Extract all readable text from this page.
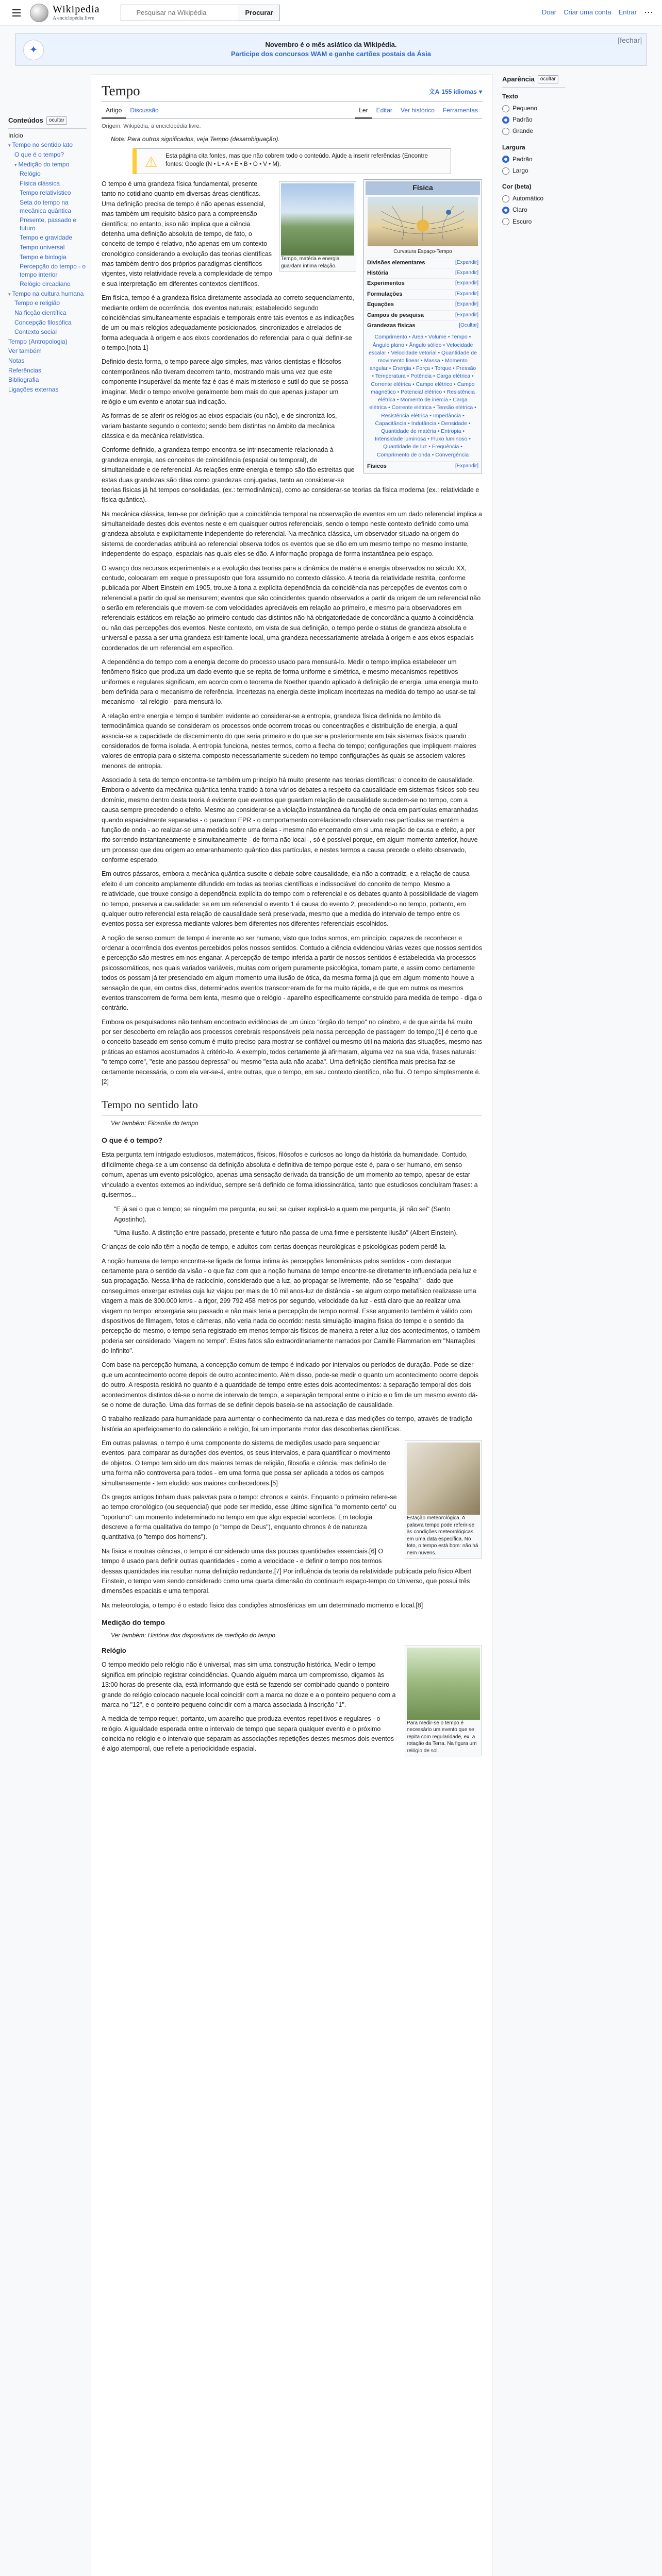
Wikipedia
A enciclopédia livre
Pesquisar na Wikipédia
Procurar	Doar Criar uma conta Entrar ⋯
✦	Novembro é o mês asiático da Wikipédia.
Participe dos concursos WAM e ganhe cartões postais da Ásia
[fechar]
Conteúdos	ocultar
Início
▾ Tempo no sentido lato
O que é o tempo?
▾ Medição do tempo
Relógio
Física clássica
Tempo relativístico
Seta do tempo na mecânica quântica
Presente, passado e futuro
Tempo e gravidade
Tempo universal
Tempo e biologia
Percepção do tempo - o tempo interior
Relógio circadiano
▾ Tempo na cultura humana
Tempo e religião
Na ficção científica
Concepção filosófica
Contexto social
Tempo (Antropologia)
Ver também
Notas
Referências
Bibliografia
Ligações externas
Tempo	文A 155 idiomas ▾
Artigo	Discussão	Ler	Editar	Ver histórico	Ferramentas
Origem: Wikipédia, a enciclopédia livre.
Nota: Para outros significados, veja Tempo (desambiguação).
⚠	Esta página cita fontes, mas que não cobrem todo o conteúdo. Ajude a inserir referências (Encontre fontes: Google (N • L • A • E • B • O • V • M).
Física
Curvatura Espaço-Tempo
Divisões elementares	[Expandir]
História	[Expandir]
Experimentos	[Expandir]
Formulações	[Expandir]
Equações	[Expandir]
Campos de pesquisa	[Expandir]
Grandezas físicas	[Ocultar]
Comprimento • Área • Volume • Tempo • Ângulo plano • Ângulo sólido • Velocidade escalar • Velocidade vetorial • Quantidade de movimento linear • Massa • Momento angular • Energia • Força • Torque • Pressão • Temperatura • Potência • Carga elétrica • Corrente elétrica • Campo elétrico • Campo magnético • Potencial elétrico • Resistência elétrica • Momento de inércia • Carga elétrica • Corrente elétrica • Tensão elétrica • Resistência elétrica • Impedância • Capacitância • Indutância • Densidade • Quantidade de matéria • Entropia • Intensidade luminosa • Fluxo luminoso • Quantidade de luz • Frequência • Comprimento de onda • Convergência
Físicos	[Expandir]
Tempo, matéria e energia guardam íntima relação.

O tempo é uma grandeza física fundamental, presente tanto no cotidiano quanto em diversas áreas científicas. Uma definição precisa de tempo é não apenas essencial, mas também um requisito básico para a compreensão científica; no entanto, isso não implica que a ciência detenha uma definição absoluta de tempo, de fato, o conceito de tempo é relativo, não apenas em um contexto cronológico considerando a evolução das teorias científicas mas também dentro dos próprios paradigmas científicos vigentes, visto relatividade revela a complexidade de tempo e sua interpretação em diferentes contextos científicos.

Em física, tempo é a grandeza física diretamente associada ao correto sequenciamento, mediante ordem de ocorrência, dos eventos naturais; estabelecido segundo coincidências simultaneamente espaciais e temporais entre tais eventos e as indicações de um ou mais relógios adequadamente posicionados, sincronizados e atrelados de forma adequada à origem e aos eixos coordenados do referencial para o qual definir-se o tempo.[nota 1]

Definido desta forma, o tempo parece algo simples, mas vários cientistas e filósofos contemporâneos não tiveram decorrem tanto, mostrando mais uma vez que este componente insuperável da mente faz é das é mais misterioso e sutil do que se possa imaginar. Medir o tempo envolve geralmente bem mais do que apenas justapor um relógio e um evento e anotar sua indicação.

As formas de se aferir os relógios ao eixos espaciais (ou não), e de sincronizá-los, variam bastante segundo o contexto; sendo bem distintas no âmbito da mecânica clássica e da mecânica relativística.

Conforme definido, a grandeza tempo encontra-se intrinsecamente relacionada à grandeza energia, aos conceitos de coincidência (espacial ou temporal), de simultaneidade e de referencial. As relações entre energia e tempo são tão estreitas que estas duas grandezas são ditas como grandezas conjugadas, tanto ao considerar-se teorias físicas já há tempos consolidadas, (ex.: termodinâmica), como ao considerar-se teorias da física moderna (ex.: relatividade e física quântica).

Na mecânica clássica, tem-se por definição que a coincidência temporal na observação de eventos em um dado referencial implica a simultaneidade destes dois eventos neste e em quaisquer outros referenciais, sendo o tempo neste contexto definido como uma grandeza absoluta e explicitamente independente do referencial. Na mecânica clássica, um observador situado na origem do sistema de coordenadas atribuirá ao referencial observa todos os eventos que se dão em um mesmo tempo no mesmo instante, independente do espaço, espaciais nas quais eles se dão. A informação propaga de forma instantânea pelo espaço.

O avanço dos recursos experimentais e a evolução das teorias para a dinâmica de matéria e energia observados no século XX, contudo, colocaram em xeque o pressuposto que fora assumido no contexto clássico. A teoria da relatividade restrita, conforme publicada por Albert Einstein em 1905, trouxe à tona a explícita dependência da coincidência nas percepções de eventos com o referencial a partir do qual se mensurem; eventos que são coincidentes quando observados a partir da origem de um referencial não o serão em referenciais que movem-se com velocidades apreciáveis em relação ao primeiro, e mesmo para observadores em referenciais estáticos em relação ao primeiro contudo das distintos não há obrigatoriedade de concordância quanto à coincidência ou não das percepções dos eventos. Neste contexto, em vista de sua definição, o tempo perde o status de grandeza absoluta e universal e passa a ser uma grandeza estritamente local, uma grandeza necessariamente atrelada à origem e aos eixos espaciais coordenados de um referencial em específico.

A dependência do tempo com a energia decorre do processo usado para mensurá-lo. Medir o tempo implica estabelecer um fenômeno físico que produza um dado evento que se repita de forma uniforme e simétrica, e mesmo mecanismos repetitivos uniformes e regulares significam, em acordo com o teorema de Noether quando aplicado à definição de energia, uma energia muito bem definida para o mecanismo de referência. Incertezas na energia deste implicam incertezas na medida do tempo ao usar-se tal mecanismo - tal relógio - para mensurá-lo.

A relação entre energia e tempo é também evidente ao considerar-se a entropia, grandeza física definida no âmbito da termodinâmica quando se consideram os processos onde ocorrem trocas ou concentrações e distribuição de energia, a qual associa-se a capacidade de discernimento do que seria primeiro e do que seria posteriormente em tais sistemas físicos quando considerados de forma isolada. A entropia funciona, nestes termos, como a flecha do tempo; configurações que impliquem maiores valores de entropia para o sistema composto necessariamente sucedem no tempo configurações às quais se associem valores menores de entropia.

Associado à seta do tempo encontra-se também um princípio há muito presente nas teorias científicas: o conceito de causalidade. Embora o advento da mecânica quântica tenha trazido à tona vários debates a respeito da causalidade em sistemas físicos sob seu domínio, mesmo dentro desta teoria é evidente que eventos que guardam relação de causalidade sucedem-se no tempo, com a causa sempre precedendo o efeito. Mesmo ao considerar-se a violação instantânea da função de onda em partículas emaranhadas quando espacialmente separadas - o paradoxo EPR - o comportamento correlacionado observado nas partículas se mantém a função de onda - ao realizar-se uma medida sobre uma delas - mesmo não encerrando em si uma relação de causa e efeito, a per rito sorrendo instantaneamente e simultaneamente - de forma não local -, só é possível porque, em algum momento anterior, houve um processo que deu origem ao emaranhamento quântico das partículas, e nestes termos a causa precede o efeito observado, conforme esperado.

Em outros pássaros, embora a mecânica quântica suscite o debate sobre causalidade, ela não a contradiz, e a relação de causa efeito é um conceito amplamente difundido em todas as teorias científicas e indissociável do conceito de tempo. Mesmo a relatividade, que trouxe consigo a dependência explícita do tempo com o referencial e os debates quanto à possibilidade de viagem no tempo, preserva a causalidade: se em um referencial o evento 1 é causa do evento 2, precedendo-o no tempo, portanto, em qualquer outro referencial esta relação de causalidade será preservada, mesmo que a medida do intervalo de tempo entre os eventos possa ser expressa mediante valores bem diferentes nos diferentes referenciais escolhidos.

A noção de senso comum de tempo é inerente ao ser humano, visto que todos somos, em princípio, capazes de reconhecer e ordenar a ocorrência dos eventos percebidos pelos nossos sentidos. Contudo a ciência evidenciou várias vezes que nossos sentidos e percepção são mestres em nos enganar. A percepção de tempo inferida a partir de nossos sentidos é estabelecida via processos psicossomáticos, nos quais variados variáveis, muitas com origem puramente psicológica, tomam parte, e assim como certamente todos os possam já ter presenciado em algum momento uma ilusão de ótica, da mesma forma já que em algum momento houve a sensação de que, em certos dias, determinados eventos transcorreram de forma muito rápida, e de que em outros os mesmos eventos transcorrem de forma bem lenta, mesmo que o relógio - aparelho especificamente construído para medida de tempo - diga o contrário.

Embora os pesquisadores não tenham encontrado evidências de um único "órgão do tempo" no cérebro, e de que ainda há muito por ser descoberto em relação aos processos cerebrais responsáveis pela nossa percepção de passagem do tempo,[1] é certo que o conceito baseado em senso comum é muito preciso para mostrar-se confiável ou mesmo útil na maioria das situações, mesmo nas práticas ao estamos acostumados à critério-lo. A exemplo, todos certamente já afirmaram, alguma vez na sua vida, frases naturais: "o tempo corre", "este ano passou depressa" ou mesmo "esta aula não acaba". Uma definição científica mais precisa faz-se certamente necessária, o com ela ver-se-á, entre outras, que o tempo, em seu contexto científico, não flui. O tempo simplesmente é.[2]

Tempo no sentido lato
Ver também: Filosofia do tempo
O que é o tempo?

Esta pergunta tem intrigado estudiosos, matemáticos, físicos, filósofos e curiosos ao longo da história da humanidade. Contudo, dificilmente chega-se a um consenso da definição absoluta e definitiva de tempo porque este é, para o ser humano, em senso comum, apenas um evento psicológico, apenas uma sensação derivada da transição de um momento ao tempo, apesar de estar vinculado a eventos externos ao indivíduo, sempre será definido de forma idiossincrática, tanto que estudiosos concluíram frases: a quisermos...

"E já sei o que o tempo; se ninguém me pergunta, eu sei; se quiser explicá-lo a quem me pergunta, já não sei" (Santo Agostinho).
"Uma ilusão. A distinção entre passado, presente e futuro não passa de uma firme e persistente ilusão" (Albert Einstein).

Crianças de colo não têm a noção de tempo, e adultos com certas doenças neurológicas e psicológicas podem perdê-la.

A noção humana de tempo encontra-se ligada de forma íntima às percepções fenomênicas pelos sentidos - com destaque certamente para o sentido da visão - o que faz com que a noção humana de tempo encontre-se diretamente influenciada pela luz e sua propagação. Nessa linha de raciocínio, considerado que a luz, ao propagar-se livremente, não se "espalha" - dado que conseguimos enxergar estrelas cuja luz viajou por mais de 10 mil anos-luz de distância - se algum corpo metafísico realizasse uma viagem a mais de 300.000 km/s - a rigor, 299 792 458 metros por segundo, velocidade da luz - está claro que ao realizar uma viagem no tempo: enxergaria seu passado e não mais teria a percepção de tempo normal. Esse argumento também é válido com dispositivos de filmagem, fotos e câmeras, não veria nada do ocorrido: nesta simulação imagina física do tempo e o sentido da percepção do mesmo, o tempo seria registrado em menos temporais físicos de maneira a reter a luz dos acontecimentos, o também poderia ser considerado "viagem no tempo". Estes fatos são extraordinariamente narrados por Camille Flammarion em "Narrações do Infinito".

Com base na percepção humana, a concepção comum de tempo é indicado por intervalos ou períodos de duração. Pode-se dizer que um acontecimento ocorre depois de outro acontecimento. Além disso, pode-se medir o quanto um acontecimento ocorre depois do outro. A resposta residirá no quanto é a quantidade de tempo entre estes dois acontecimentos: a separação temporal dos dois acontecimentos distintos dá-se o nome de intervalo de tempo, a separação temporal entre o início e o fim de um mesmo evento dá-se o nome de duração. Uma das formas de se definir depois baseia-se na associação de causalidade.

O trabalho realizado para humanidade para aumentar o conhecimento da natureza e das medições do tempo, através de tradição história ao aperfeiçoamento do calendário e relógio, foi um importante motor das descobertas científicas.

Estação meteorológica. A palavra tempo pode referir-se às condições meteorológicas em uma data específica. No foto, o tempo está bom: não há nem nuvens.

Em outras palavras, o tempo é uma componente do sistema de medições usado para sequenciar eventos, para comparar as durações dos eventos, os seus intervalos, e para quantificar o movimento de objetos. O tempo tem sido um dos maiores temas de religião, filosofia e ciência, mas defini-lo de uma forma não controversa para todos - em uma forma que possa ser aplicada a todos os campos simultaneamente - tem eludido aos maiores conhecedores.[5]

Os gregos antigos tinham duas palavras para o tempo: chronos e kairós. Enquanto o primeiro refere-se ao tempo cronológico (ou sequencial) que pode ser medido, esse último significa "o momento certo" ou "oportuno": um momento indeterminado no tempo em que algo especial acontece. Em teologia descreve a forma qualitativa do tempo (o "tempo de Deus"), enquanto chronos é de natureza quantitativa (o "tempo dos homens").

Na física e noutras ciências, o tempo é considerado uma das poucas quantidades essenciais.[6] O tempo é usado para definir outras quantidades - como a velocidade - e definir o tempo nos termos dessas quantidades iria resultar numa definição redundante.[7] Por influência da teoria da relatividade publicada pelo físico Albert Einstein, o tempo vem sendo considerado como uma quarta dimensão do continuum espaço-tempo do Universo, que possui três dimensões espaciais e uma temporal.

Na meteorologia, o tempo é o estado físico das condições atmosféricas em um determinado momento e local.[8]

Medição do tempo
Ver também: História dos dispositivos de medição do tempo
Para medir-se o tempo é necessário um evento que se repita com regularidade, ex. a rotação da Terra. Na figura um relógio de sol.
Relógio

O tempo medido pelo relógio não é universal, mas sim uma construção histórica. Medir o tempo significa em princípio registrar coincidências. Quando alguém marca um compromisso, digamos às 13:00 horas do presente dia, está informando que está se fazendo ser combinado quando o ponteiro grande do relógio colocado naquele local coincidir com a marca no doze e a o ponteiro pequeno com a marca no "12", e o ponteiro pequeno coincidir com a marca associada à inscrição "1".

A medida de tempo requer, portanto, um aparelho que produza eventos repetitivos e regulares - o relógio. A igualdade esperada entre o intervalo de tempo que separa qualquer evento e o próximo coincida no relógio e o intervalo que separam as associações repetições destes mesmos dois eventos é algo atemporal, que reflete a periodicidade espacial.

Aparência	ocultar
Texto
Pequeno
Padrão
Grande
Largura
Padrão
Largo
Cor (beta)
Automático
Claro
Escuro
